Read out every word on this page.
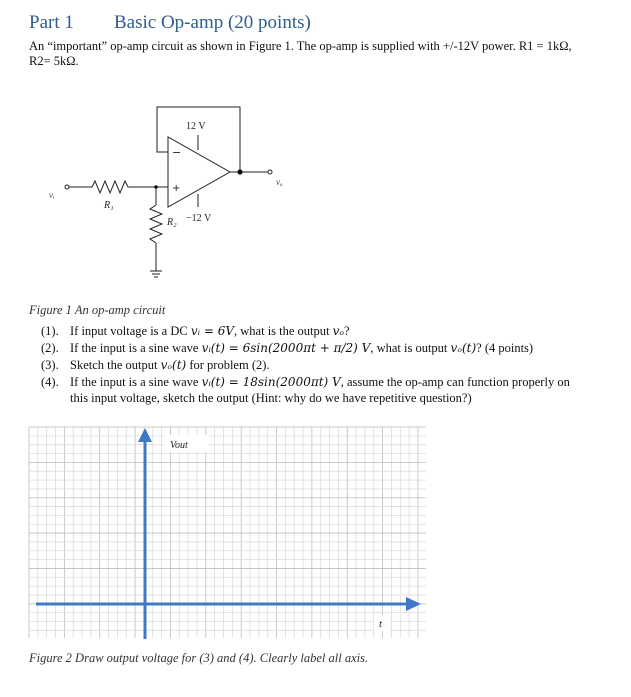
Part 1 Basic Op-amp (20 points)
An “important” op-amp circuit as shown in Figure 1. The op-amp is supplied with +/-12V power. R1 = 1kΩ, R2= 5kΩ.
12 V
−12 V
−
+
R₁
R₂
vᵢ
vₒ
Figure 1 An op-amp circuit
(1). If input voltage is a DC vᵢ = 6V, what is the output vₒ?
(2). If the input is a sine wave vᵢ(t) = 6sin(2000πt + π/2) V, what is output vₒ(t)? (4 points)
(3). Sketch the output vₒ(t) for problem (2).
(4). If the input is a sine wave vᵢ(t) = 18sin(2000πt) V, assume the op-amp can function properly on this input voltage, sketch the output (Hint: why do we have repetitive question?)
Vout
t
Figure 2 Draw output voltage for (3) and (4). Clearly label all axis.
